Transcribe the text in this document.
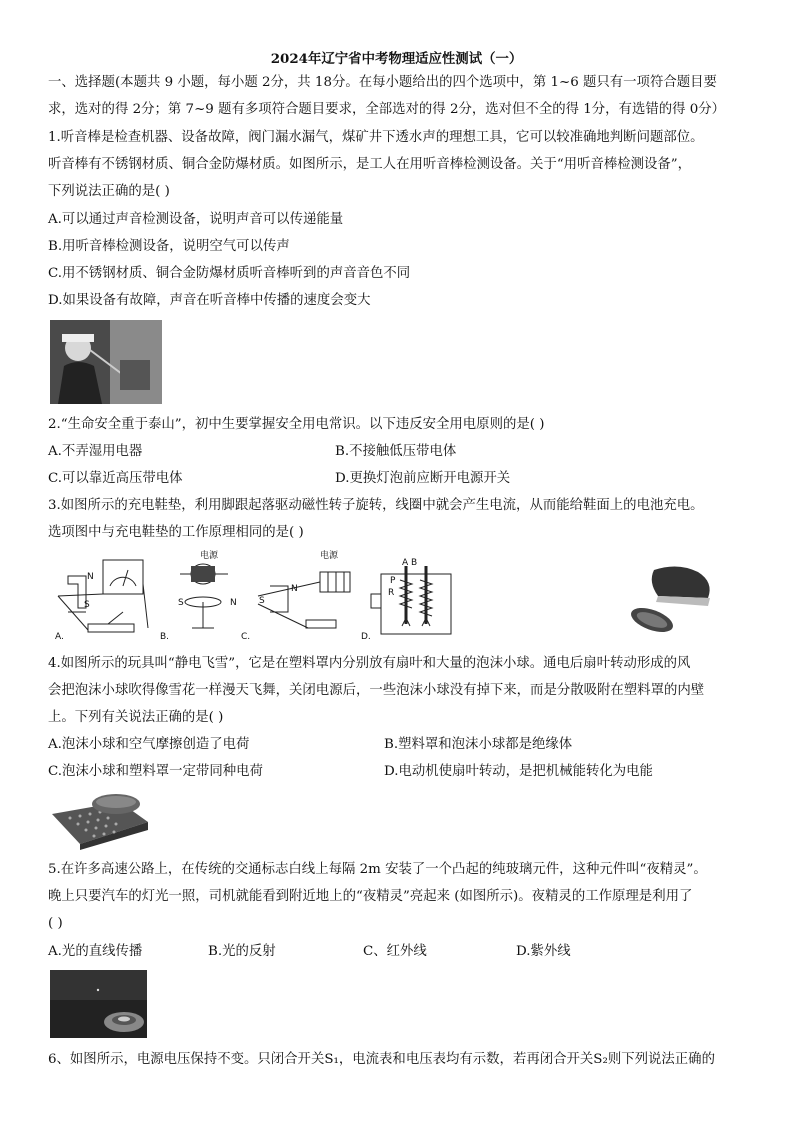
2024年辽宁省中考物理适应性测试（一）
一、选择题(本题共 9 小题，每小题 2分，共 18分。在每小题给出的四个选项中，第 1~6 题只有一项符合题目要
求，选对的得 2分；第 7~9 题有多项符合题目要求，全部选对的得 2分，选对但不全的得 1分，有选错的得 0分）
1.听音棒是检查机器、设备故障，阀门漏水漏气，煤矿井下透水声的理想工具，它可以较准确地判断问题部位。
听音棒有不锈钢材质、铜合金防爆材质。如图所示，是工人在用听音棒检测设备。关于“用听音棒检测设备”，
下列说法正确的是( )
A.可以通过声音检测设备，说明声音可以传递能量
B.用听音棒检测设备，说明空气可以传声
C.用不锈钢材质、铜合金防爆材质听音棒听到的声音音色不同
D.如果设备有故障，声音在听音棒中传播的速度会变大
2.“生命安全重于泰山”，初中生要掌握安全用电常识。以下违反安全用电原则的是( )
A.不弄湿用电器	B.不接触低压带电体
C.可以靠近高压带电体	D.更换灯泡前应断开电源开关
3.如图所示的充电鞋垫，利用脚跟起落驱动磁性转子旋转，线圈中就会产生电流，从而能给鞋面上的电池充电。
选项图中与充电鞋垫的工作原理相同的是( )
N
S
A.
电源
S	N
B.
电源
N
S
C.
A B
P
R
D.
4.如图所示的玩具叫“静电飞雪”，它是在塑料罩内分别放有扇叶和大量的泡沫小球。通电后扇叶转动形成的风
会把泡沫小球吹得像雪花一样漫天飞舞，关闭电源后，一些泡沫小球没有掉下来，而是分散吸附在塑料罩的内壁
上。下列有关说法正确的是( )
A.泡沫小球和空气摩擦创造了电荷	B.塑料罩和泡沫小球都是绝缘体
C.泡沫小球和塑料罩一定带同种电荷	D.电动机使扇叶转动，是把机械能转化为电能
5.在许多高速公路上，在传统的交通标志白线上每隔 2m 安装了一个凸起的纯玻璃元件，这种元件叫“夜精灵”。
晚上只要汽车的灯光一照，司机就能看到附近地上的“夜精灵”亮起来 (如图所示)。夜精灵的工作原理是利用了
( )
A.光的直线传播	B.光的反射	C、红外线	D.紫外线
6、如图所示，电源电压保持不变。只闭合开关S₁，电流表和电压表均有示数，若再闭合开关S₂则下列说法正确的
